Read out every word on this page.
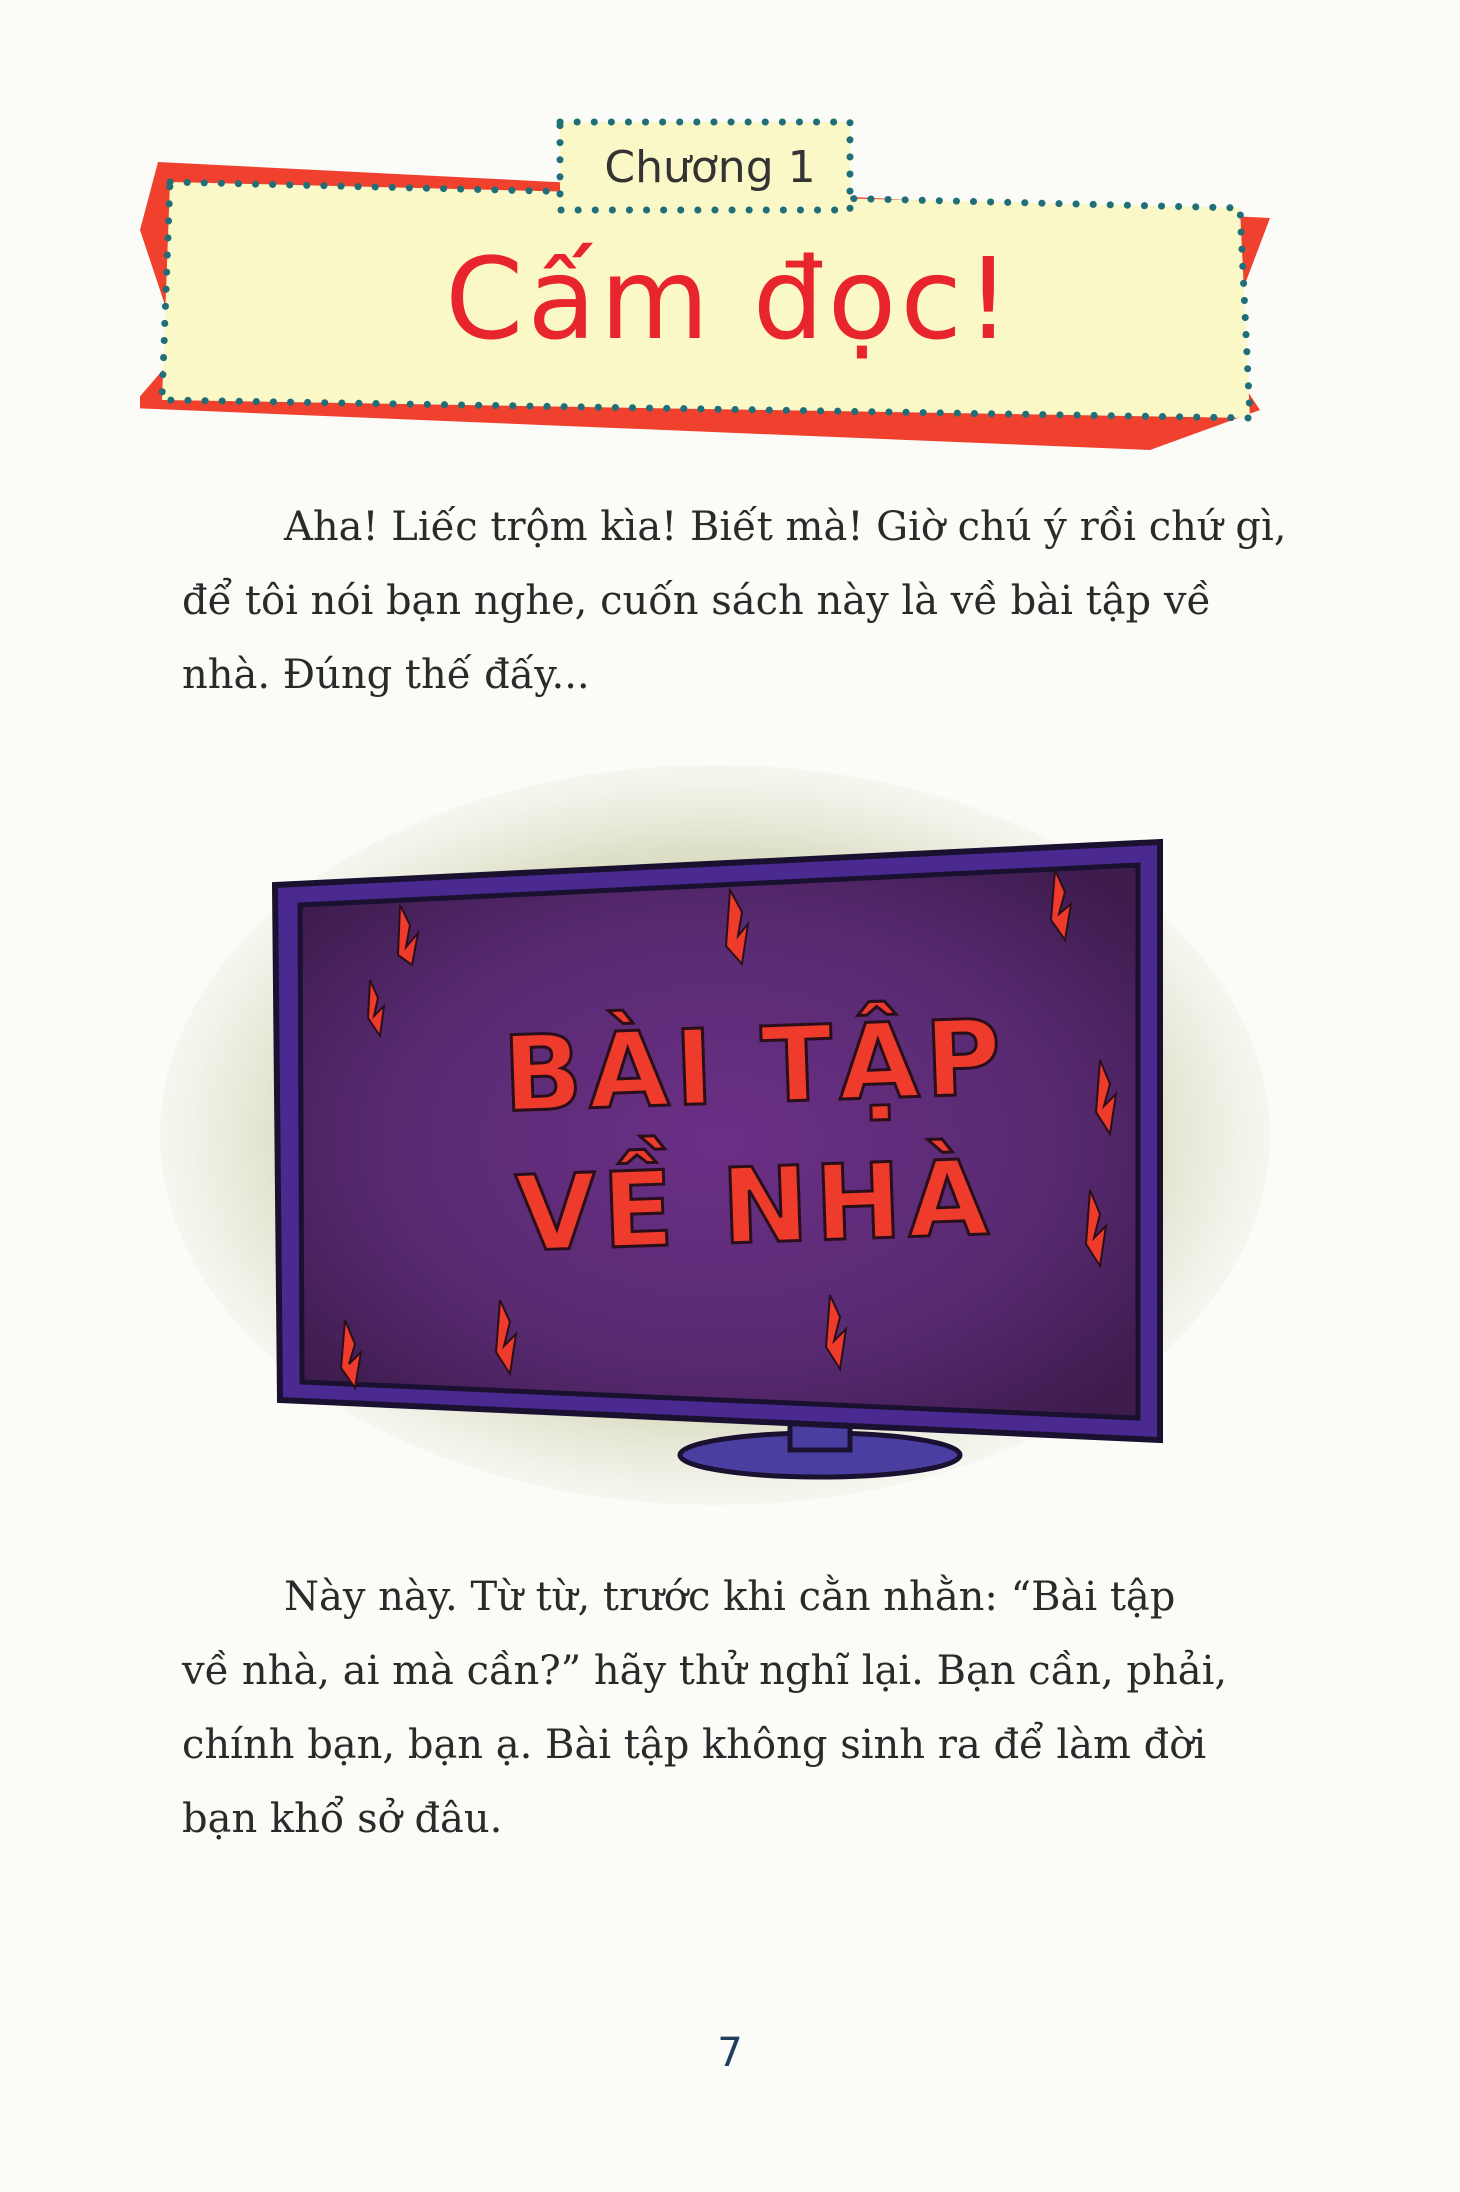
Chương 1
Cấm đọc!

Aha! Liếc trộm kìa! Biết mà! Giờ chú ý rồi chứ gì,
để tôi nói bạn nghe, cuốn sách này là về bài tập về
nhà. Đúng thế đấy...

BÀI TẬP
VỀ NHÀ

Này này. Từ từ, trước khi cằn nhằn: “Bài tập
về nhà, ai mà cần?” hãy thử nghĩ lại. Bạn cần, phải,
chính bạn, bạn ạ. Bài tập không sinh ra để làm đời
bạn khổ sở đâu.

7
